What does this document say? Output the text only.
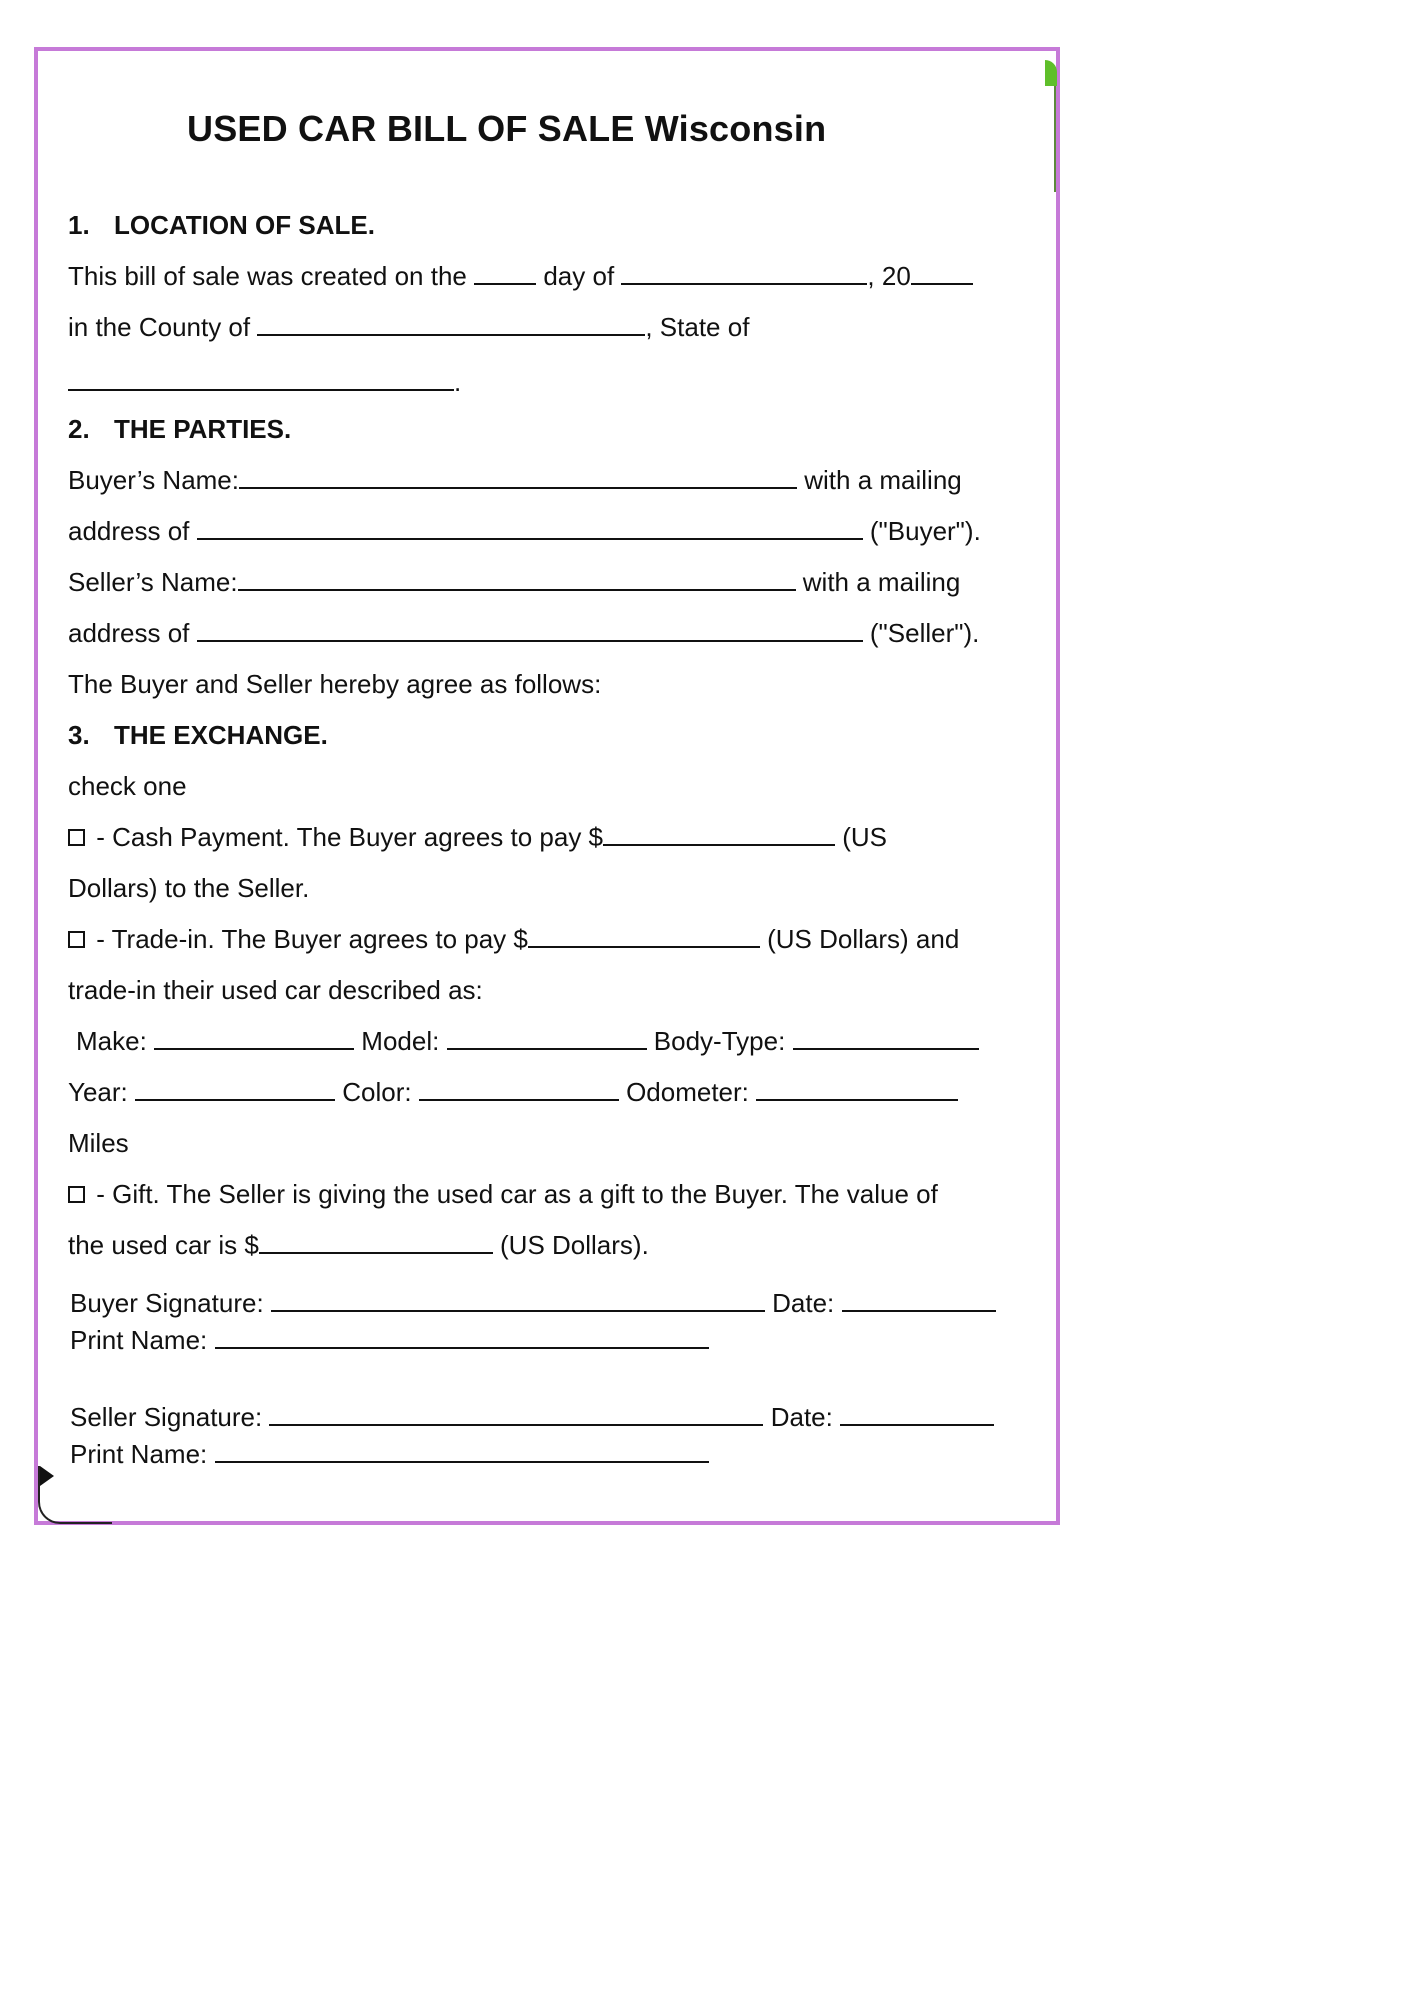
USED CAR BILL OF SALE Wisconsin
1. LOCATION OF SALE.
This bill of sale was created on the	day of	, 20
in the County of	, State of
.
2. THE PARTIES.
Buyer’s Name:	with a mailing
address of	("Buyer").
Seller’s Name:	with a mailing
address of	("Seller").
The Buyer and Seller hereby agree as follows:
3. THE EXCHANGE.
check one
- Cash Payment. The Buyer agrees to pay $	(US
Dollars) to the Seller.
- Trade-in. The Buyer agrees to pay $	(US Dollars) and
trade-in their used car described as:
Make:	Model:	Body-Type:
Year:	Color:	Odometer:
Miles
- Gift. The Seller is giving the used car as a gift to the Buyer. The value of
the used car is $	(US Dollars).
Buyer Signature:	Date:
Print Name:
Seller Signature:	Date:
Print Name:
